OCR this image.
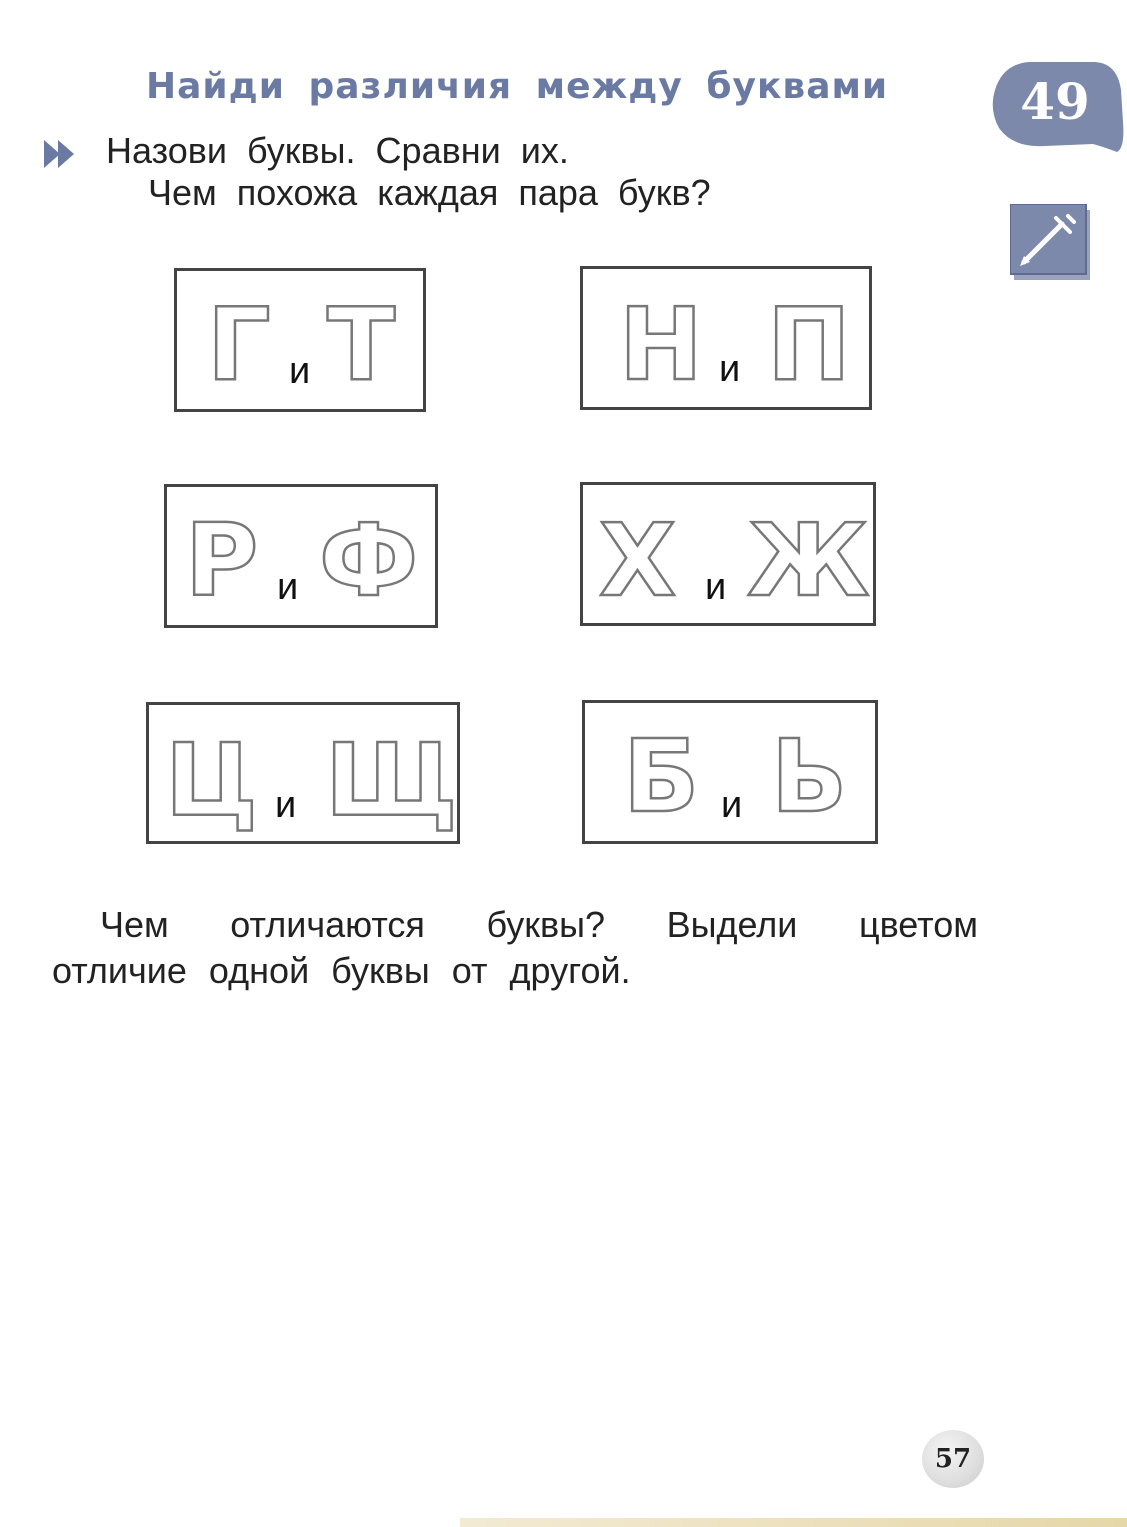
Найди различия между буквами	49
Назови буквы. Сравни их.
Чем похожа каждая пара букв?
Г и Т Н и П
Р и Ф Х и Ж
Ц и Щ Б и Ь
Чем отличаются буквы? Выдели цветом
отличие одной буквы от другой.
57
